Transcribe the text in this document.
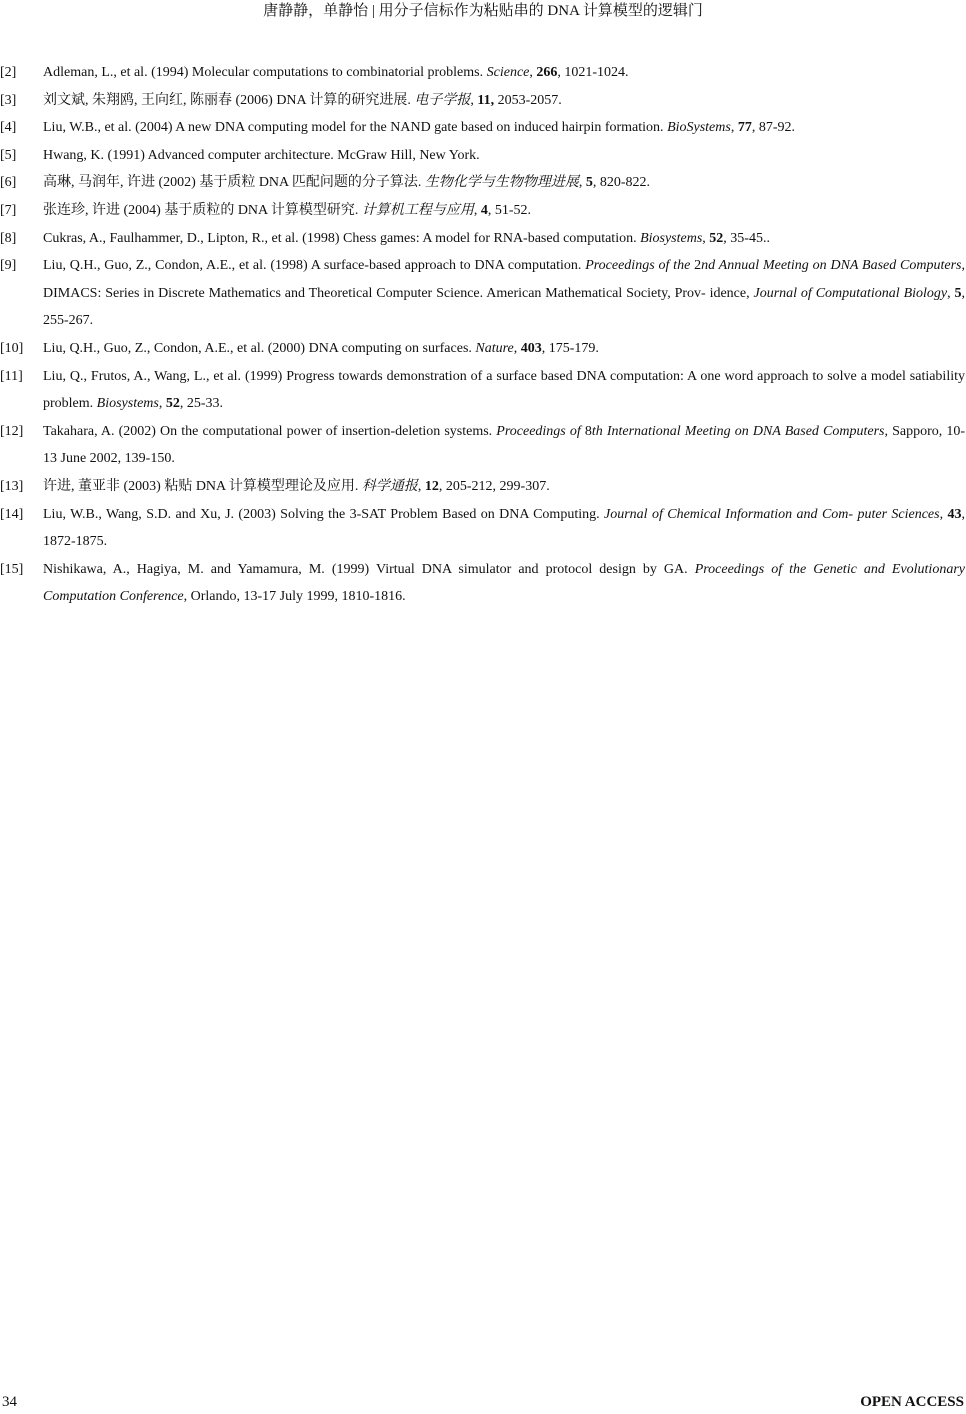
唐静静，单静怡 | 用分子信标作为粘贴串的 DNA 计算模型的逻辑门
[2]	Adleman, L., et al. (1994) Molecular computations to combinatorial problems. Science, 266, 1021-1024.
[3]	刘文斌, 朱翔鸥, 王向红, 陈丽春 (2006) DNA 计算的研究进展. 电子学报, 11, 2053-2057.
[4]	Liu, W.B., et al. (2004) A new DNA computing model for the NAND gate based on induced hairpin formation. BioSystems, 77, 87-92.
[5]	Hwang, K. (1991) Advanced computer architecture. McGraw Hill, New York.
[6]	高琳, 马润年, 许进 (2002) 基于质粒 DNA 匹配问题的分子算法. 生物化学与生物物理进展, 5, 820-822.
[7]	张连珍, 许进 (2004) 基于质粒的 DNA 计算模型研究. 计算机工程与应用, 4, 51-52.
[8]	Cukras, A., Faulhammer, D., Lipton, R., et al. (1998) Chess games: A model for RNA-based computation. Biosystems, 52, 35-45..
[9]	Liu, Q.H., Guo, Z., Condon, A.E., et al. (1998) A surface-based approach to DNA computation. Proceedings of the 2nd Annual Meeting on DNA Based Computers, DIMACS: Series in Discrete Mathematics and Theoretical Computer Science. American Mathematical Society, Prov- idence, Journal of Computational Biology, 5, 255-267.
[10]	Liu, Q.H., Guo, Z., Condon, A.E., et al. (2000) DNA computing on surfaces. Nature, 403, 175-179.
[11]	Liu, Q., Frutos, A., Wang, L., et al. (1999) Progress towards demonstration of a surface based DNA computation: A one word approach to solve a model satiability problem. Biosystems, 52, 25-33.
[12]	Takahara, A. (2002) On the computational power of insertion-deletion systems. Proceedings of 8th International Meeting on DNA Based Computers, Sapporo, 10-13 June 2002, 139-150.
[13]	许进, 董亚非 (2003) 粘贴 DNA 计算模型理论及应用. 科学通报, 12, 205-212, 299-307.
[14]	Liu, W.B., Wang, S.D. and Xu, J. (2003) Solving the 3-SAT Problem Based on DNA Computing. Journal of Chemical Information and Com- puter Sciences, 43, 1872-1875.
[15]	Nishikawa, A., Hagiya, M. and Yamamura, M. (1999) Virtual DNA simulator and protocol design by GA. Proceedings of the Genetic and Evolutionary Computation Conference, Orlando, 13-17 July 1999, 1810-1816.
34	OPEN ACCESS
